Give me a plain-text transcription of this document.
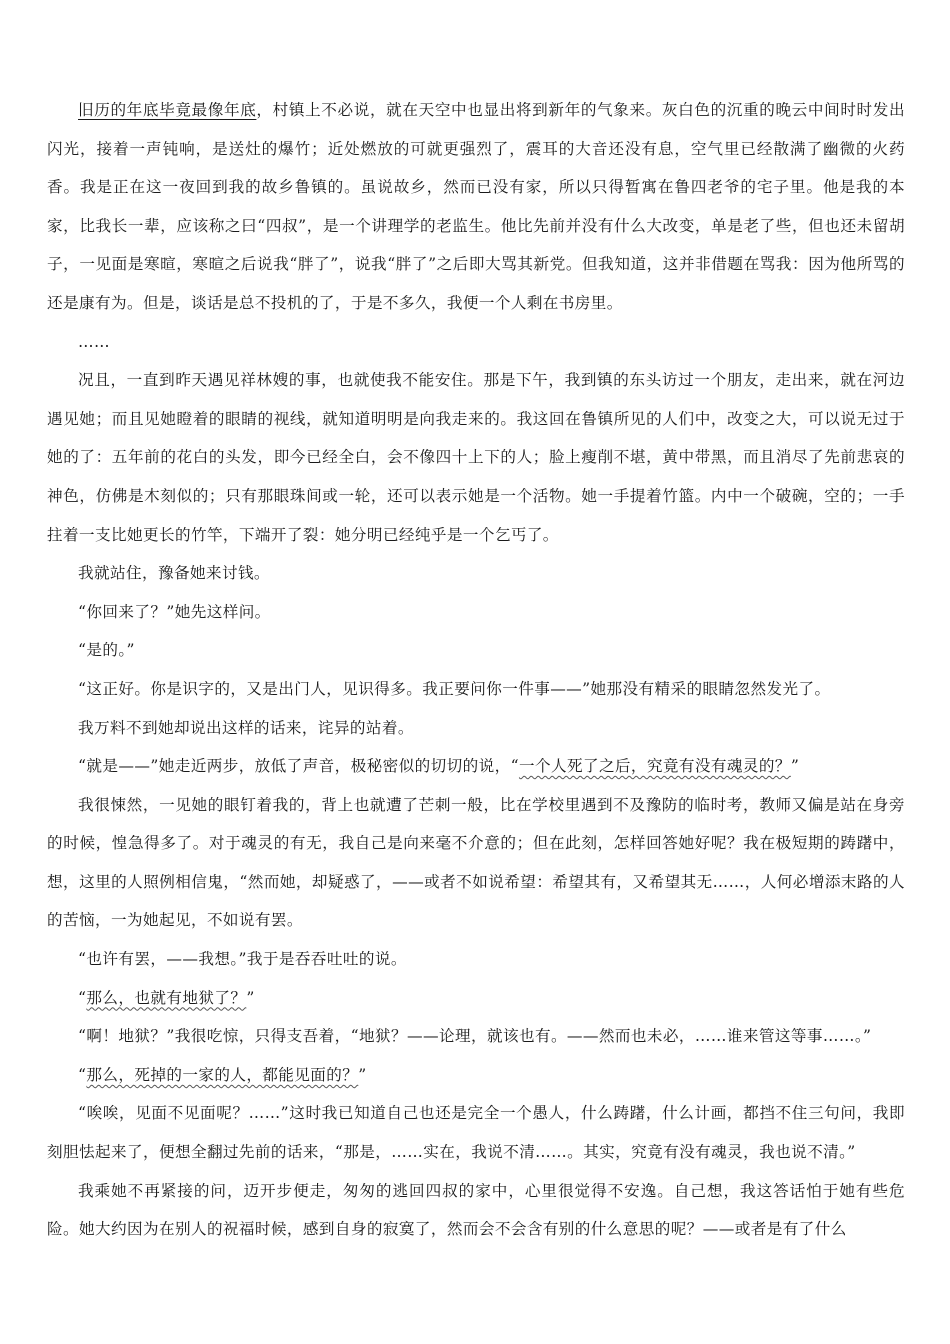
旧历的年底毕竟最像年底，村镇上不必说，就在天空中也显出将到新年的气象来。灰白色的沉重的晚云中间时时发出闪光，接着一声钝响，是送灶的爆竹；近处燃放的可就更强烈了，震耳的大音还没有息，空气里已经散满了幽微的火药香。我是正在这一夜回到我的故乡鲁镇的。虽说故乡，然而已没有家，所以只得暂寓在鲁四老爷的宅子里。他是我的本家，比我长一辈，应该称之曰“四叔”，是一个讲理学的老监生。他比先前并没有什么大改变，单是老了些，但也还未留胡子，一见面是寒暄，寒暄之后说我“胖了”，说我“胖了”之后即大骂其新党。但我知道，这并非借题在骂我：因为他所骂的还是康有为。但是，谈话是总不投机的了，于是不多久，我便一个人剩在书房里。

……

况且，一直到昨天遇见祥林嫂的事，也就使我不能安住。那是下午，我到镇的东头访过一个朋友，走出来，就在河边遇见她；而且见她瞪着的眼睛的视线，就知道明明是向我走来的。我这回在鲁镇所见的人们中，改变之大，可以说无过于她的了：五年前的花白的头发，即今已经全白，会不像四十上下的人；脸上瘦削不堪，黄中带黑，而且消尽了先前悲哀的神色，仿佛是木刻似的；只有那眼珠间或一轮，还可以表示她是一个活物。她一手提着竹篮。内中一个破碗，空的；一手拄着一支比她更长的竹竿，下端开了裂：她分明已经纯乎是一个乞丐了。

我就站住，豫备她来讨钱。

“你回来了？”她先这样问。

“是的。”

“这正好。你是识字的，又是出门人，见识得多。我正要问你一件事——”她那没有精采的眼睛忽然发光了。

我万料不到她却说出这样的话来，诧异的站着。

“就是——”她走近两步，放低了声音，极秘密似的切切的说，“一个人死了之后，究竟有没有魂灵的？”

我很悚然，一见她的眼钉着我的，背上也就遭了芒刺一般，比在学校里遇到不及豫防的临时考，教师又偏是站在身旁的时候，惶急得多了。对于魂灵的有无，我自己是向来毫不介意的；但在此刻，怎样回答她好呢？我在极短期的踌躇中，想，这里的人照例相信鬼，“然而她，却疑惑了，——或者不如说希望：希望其有，又希望其无……，人何必增添末路的人的苦恼，一为她起见，不如说有罢。

“也许有罢，——我想。”我于是吞吞吐吐的说。

“那么，也就有地狱了？”

“啊！地狱？”我很吃惊，只得支吾着，“地狱？——论理，就该也有。——然而也未必，……谁来管这等事……。”

“那么，死掉的一家的人，都能见面的？”

“唉唉，见面不见面呢？……”这时我已知道自己也还是完全一个愚人，什么踌躇，什么计画，都挡不住三句问，我即刻胆怯起来了，便想全翻过先前的话来，“那是，……实在，我说不清……。其实，究竟有没有魂灵，我也说不清。”

我乘她不再紧接的问，迈开步便走，匆匆的逃回四叔的家中，心里很觉得不安逸。自己想，我这答话怕于她有些危险。她大约因为在别人的祝福时候，感到自身的寂寞了，然而会不会含有别的什么意思的呢？——或者是有了什么
